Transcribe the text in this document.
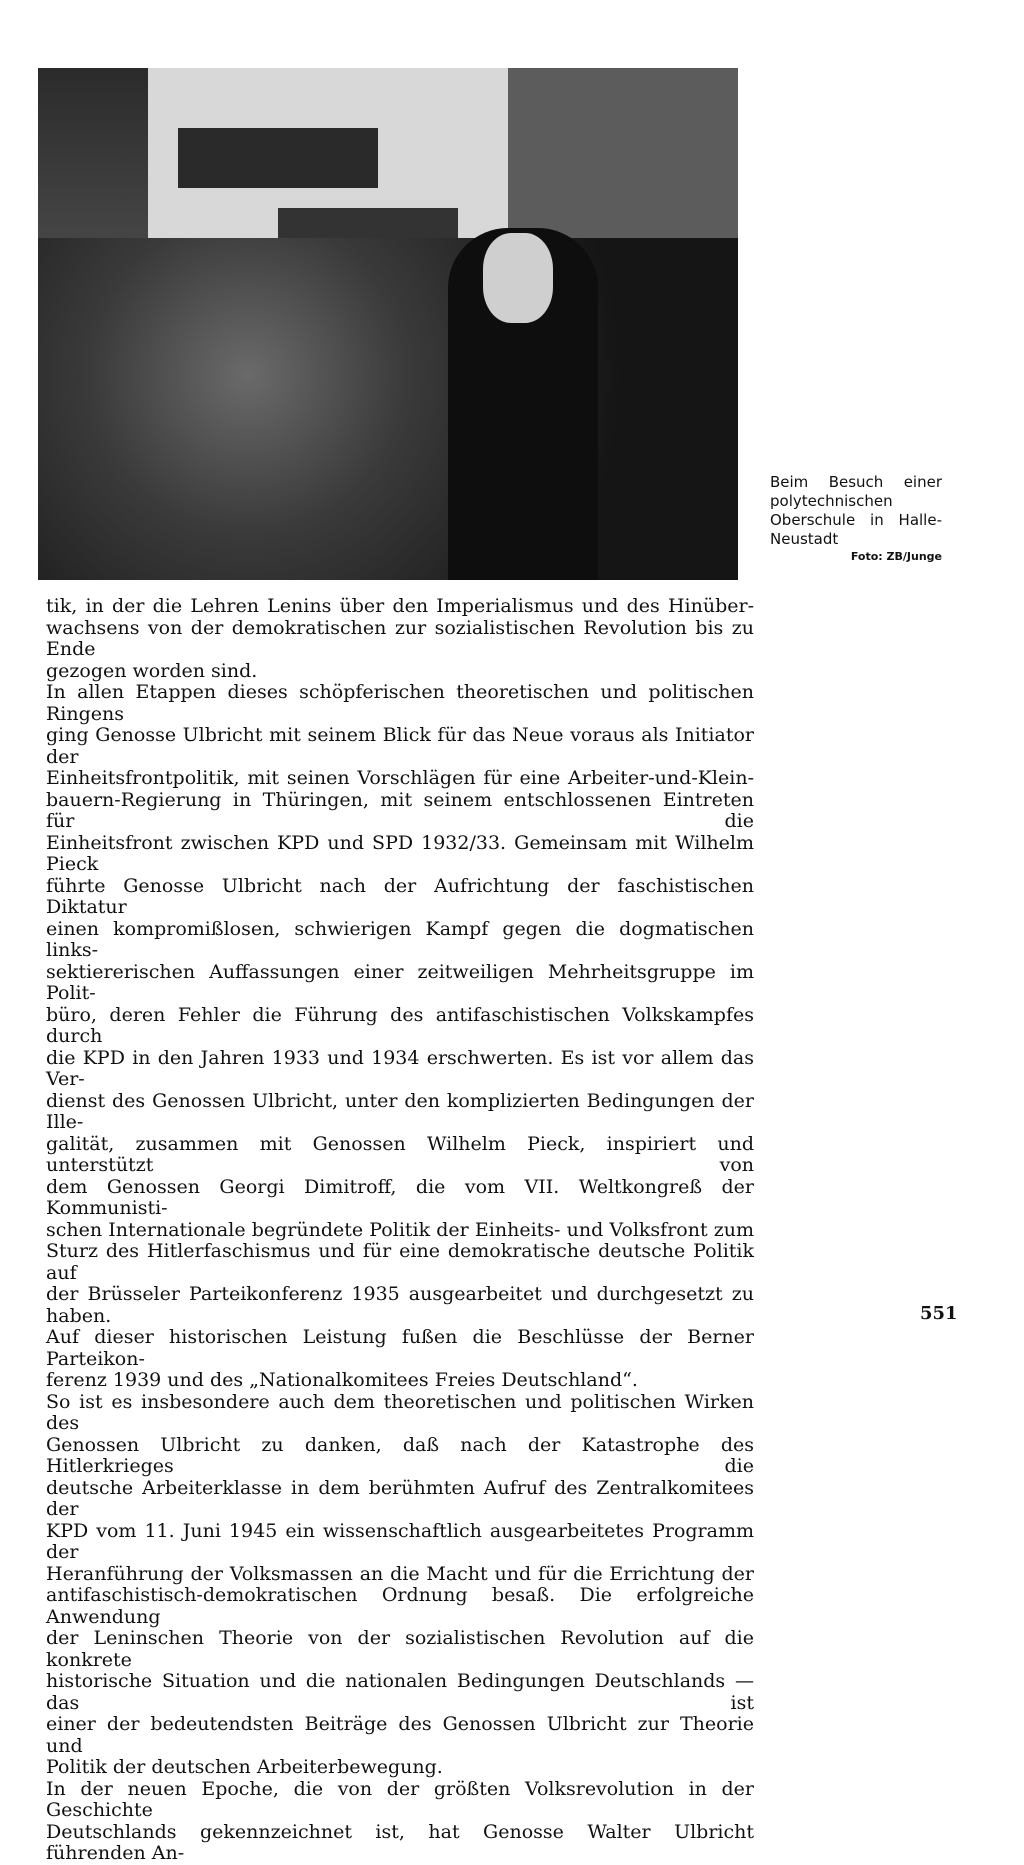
Beim Besuch einer polytechnischen Oberschule in Halle-Neustadt
Foto: ZB/Junge

tik, in der die Lehren Lenins über den Imperialismus und des Hinüber-

wachsens von der demokratischen zur sozialistischen Revolution bis zu Ende

gezogen worden sind.

In allen Etappen dieses schöpferischen theoretischen und politischen Ringens

ging Genosse Ulbricht mit seinem Blick für das Neue voraus als Initiator der

Einheitsfrontpolitik, mit seinen Vorschlägen für eine Arbeiter-und-Klein-

bauern-Regierung in Thüringen, mit seinem entschlossenen Eintreten für die

Einheitsfront zwischen KPD und SPD 1932/33. Gemeinsam mit Wilhelm Pieck

führte Genosse Ulbricht nach der Aufrichtung der faschistischen Diktatur

einen kompromißlosen, schwierigen Kampf gegen die dogmatischen links-

sektiererischen Auffassungen einer zeitweiligen Mehrheitsgruppe im Polit-

büro, deren Fehler die Führung des antifaschistischen Volkskampfes durch

die KPD in den Jahren 1933 und 1934 erschwerten. Es ist vor allem das Ver-

dienst des Genossen Ulbricht, unter den komplizierten Bedingungen der Ille-

galität, zusammen mit Genossen Wilhelm Pieck, inspiriert und unterstützt von

dem Genossen Georgi Dimitroff, die vom VII. Weltkongreß der Kommunisti-

schen Internationale begründete Politik der Einheits- und Volksfront zum

Sturz des Hitlerfaschismus und für eine demokratische deutsche Politik auf

der Brüsseler Parteikonferenz 1935 ausgearbeitet und durchgesetzt zu haben.

Auf dieser historischen Leistung fußen die Beschlüsse der Berner Parteikon-

ferenz 1939 und des „Nationalkomitees Freies Deutschland“.

So ist es insbesondere auch dem theoretischen und politischen Wirken des

Genossen Ulbricht zu danken, daß nach der Katastrophe des Hitlerkrieges die

deutsche Arbeiterklasse in dem berühmten Aufruf des Zentralkomitees der

KPD vom 11. Juni 1945 ein wissenschaftlich ausgearbeitetes Programm der

Heranführung der Volksmassen an die Macht und für die Errichtung der

antifaschistisch-demokratischen Ordnung besaß. Die erfolgreiche Anwendung

der Leninschen Theorie von der sozialistischen Revolution auf die konkrete

historische Situation und die nationalen Bedingungen Deutschlands — das ist

einer der bedeutendsten Beiträge des Genossen Ulbricht zur Theorie und

Politik der deutschen Arbeiterbewegung.

In der neuen Epoche, die von der größten Volksrevolution in der Geschichte

Deutschlands gekennzeichnet ist, hat Genosse Walter Ulbricht führenden An-

551
